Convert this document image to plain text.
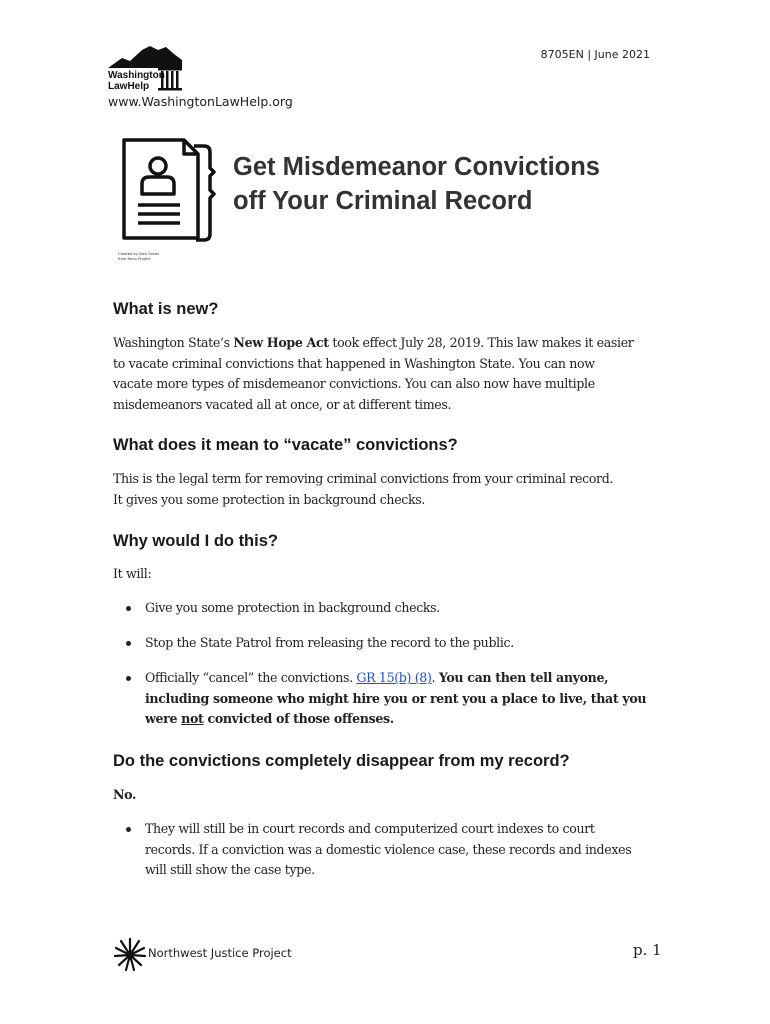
Washington
LawHelp
www.WashingtonLawHelp.org
8705EN | June 2021
Created by Sara Sands
from Noun Project
Get Misdemeanor Convictions
off Your Criminal Record
What is new?

Washington State’s New Hope Act took effect July 28, 2019. This law makes it easier
to vacate criminal convictions that happened in Washington State. You can now
vacate more types of misdemeanor convictions. You can also now have multiple
misdemeanors vacated all at once, or at different times.

What does it mean to “vacate” convictions?

This is the legal term for removing criminal convictions from your criminal record.
It gives you some protection in background checks.

Why would I do this?

It will:

Give you some protection in background checks.
Stop the State Patrol from releasing the record to the public.
Officially “cancel” the convictions. GR 15(b) (8). You can then tell anyone,
including someone who might hire you or rent you a place to live, that you
were not convicted of those offenses.
Do the convictions completely disappear from my record?

No.

They will still be in court records and computerized court indexes to court
records. If a conviction was a domestic violence case, these records and indexes
will still show the case type.
Northwest Justice Project	p. 1
